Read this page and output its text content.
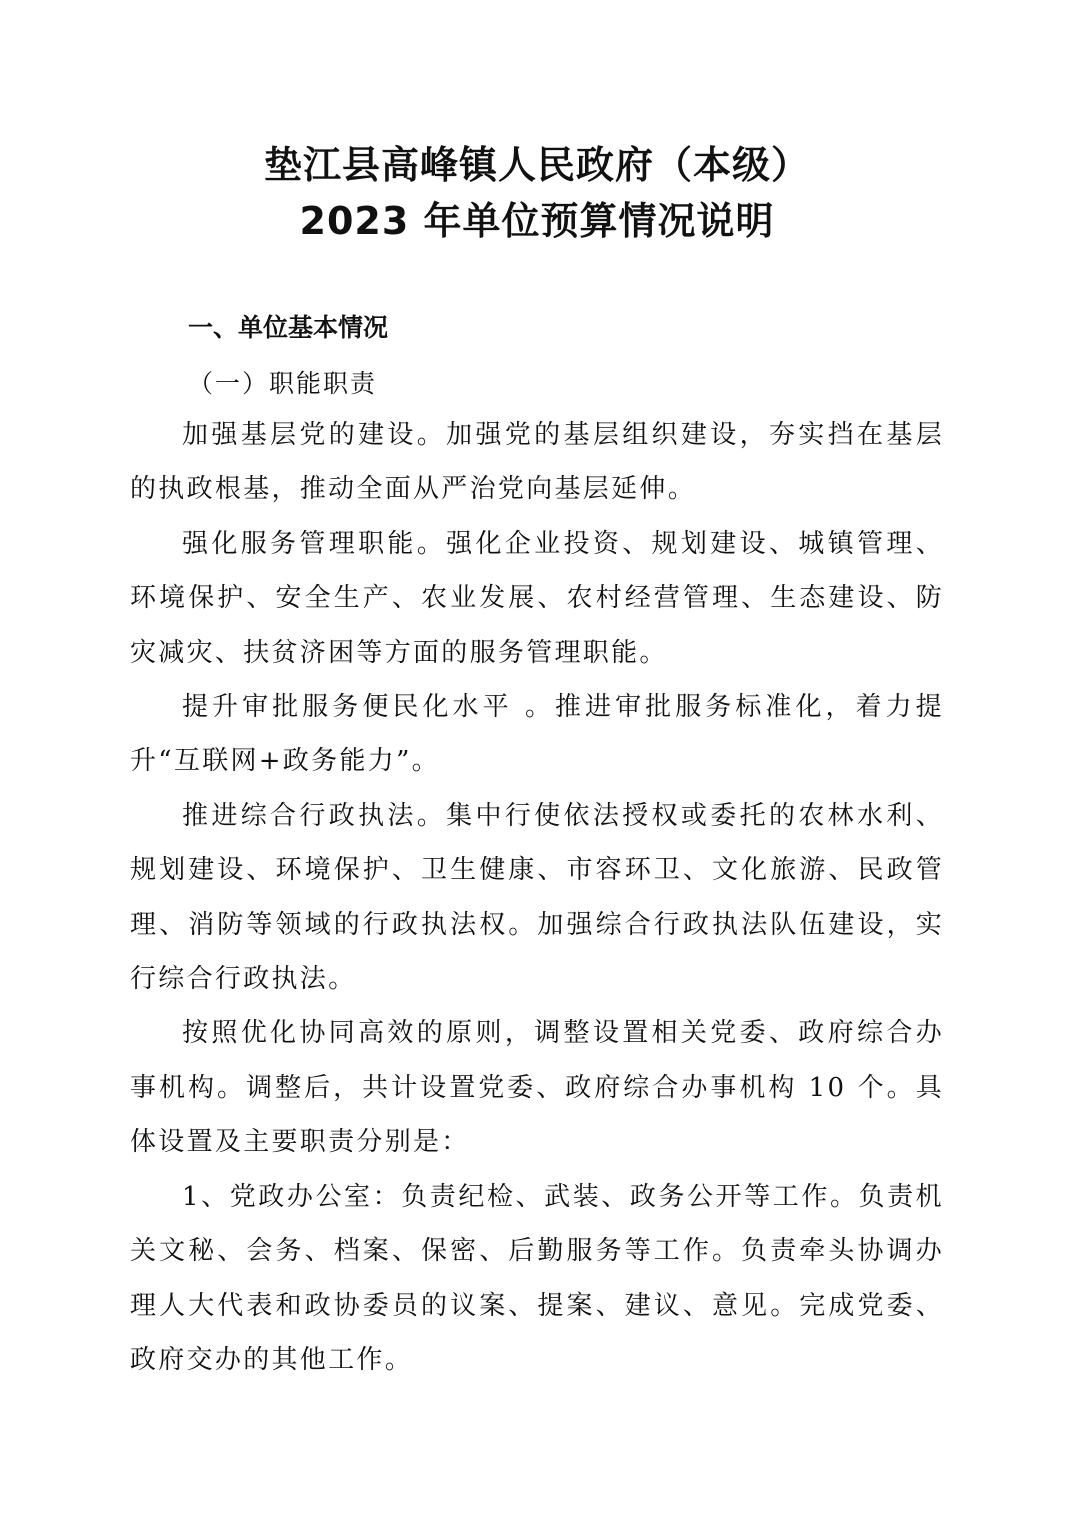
垫江县高峰镇人民政府（本级）
2023 年单位预算情况说明
一、单位基本情况
（一）职能职责

加强基层党的建设。加强党的基层组织建设，夯实挡在基层的执政根基，推动全面从严治党向基层延伸。

强化服务管理职能。强化企业投资、规划建设、城镇管理、环境保护、安全生产、农业发展、农村经营管理、生态建设、防灾减灾、扶贫济困等方面的服务管理职能。

提升审批服务便民化水平 。推进审批服务标准化，着力提升“互联网+政务能力”。

推进综合行政执法。集中行使依法授权或委托的农林水利、规划建设、环境保护、卫生健康、市容环卫、文化旅游、民政管理、消防等领域的行政执法权。加强综合行政执法队伍建设，实行综合行政执法。

按照优化协同高效的原则，调整设置相关党委、政府综合办事机构。调整后，共计设置党委、政府综合办事机构 10 个。具体设置及主要职责分别是：

1、党政办公室：负责纪检、武装、政务公开等工作。负责机关文秘、会务、档案、保密、后勤服务等工作。负责牵头协调办理人大代表和政协委员的议案、提案、建议、意见。完成党委、政府交办的其他工作。
